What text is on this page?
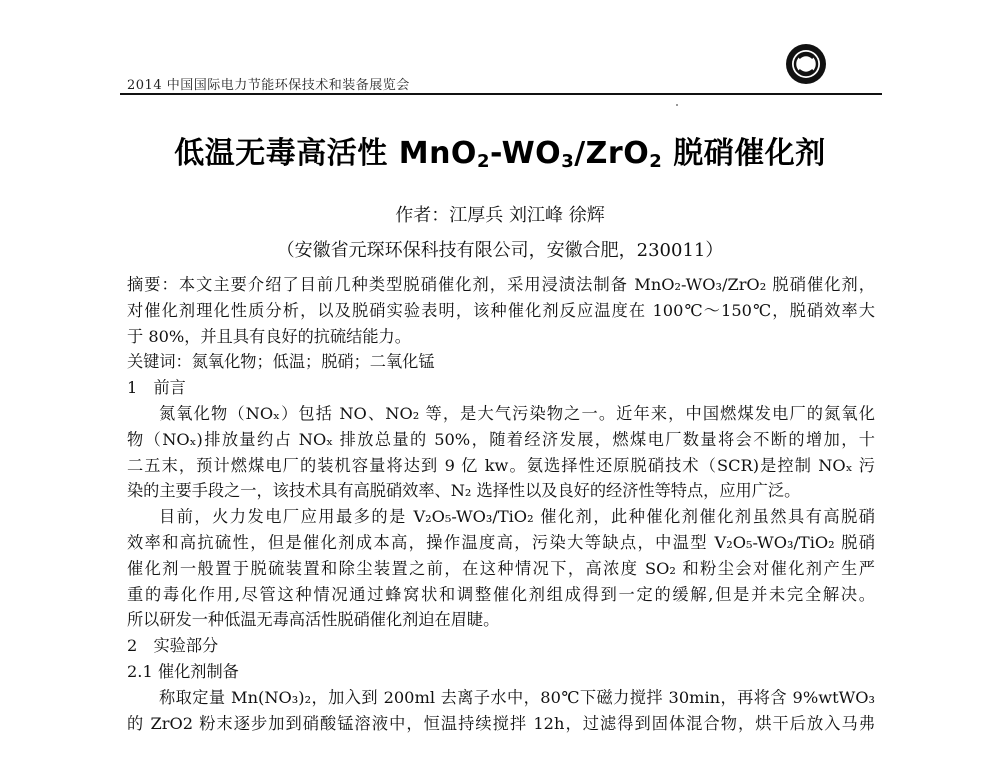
2014 中国国际电力节能环保技术和装备展览会
低温无毒高活性 $MnO_2-WO_3/ZrO_2$ 脱硝催化剂
作者：江厚兵 刘江峰 徐辉
（安徽省元琛环保科技有限公司，安徽合肥，230011）
摘要：本文主要介绍了目前几种类型脱硝催化剂，采用浸渍法制备 MnO₂-WO₃/ZrO₂ 脱硝催化剂，
对催化剂理化性质分析，以及脱硝实验表明，该种催化剂反应温度在 100℃～150℃，脱硝效率大
于 80%，并且具有良好的抗硫结能力。
关键词：氮氧化物；低温；脱硝；二氧化锰
1　前言
氮氧化物（NOₓ）包括 NO、NO₂ 等，是大气污染物之一。近年来，中国燃煤发电厂的氮氧化
物（NOₓ)排放量约占 NOₓ 排放总量的 50%，随着经济发展，燃煤电厂数量将会不断的增加，十
二五末，预计燃煤电厂的装机容量将达到 9 亿 kw。氨选择性还原脱硝技术（SCR)是控制 NOₓ 污
染的主要手段之一，该技术具有高脱硝效率、N₂ 选择性以及良好的经济性等特点，应用广泛。
目前，火力发电厂应用最多的是 V₂O₅-WO₃/TiO₂ 催化剂，此种催化剂催化剂虽然具有高脱硝
效率和高抗硫性，但是催化剂成本高，操作温度高，污染大等缺点，中温型 V₂O₅-WO₃/TiO₂ 脱硝
催化剂一般置于脱硫装置和除尘装置之前，在这种情况下，高浓度 SO₂ 和粉尘会对催化剂产生严
重的毒化作用,尽管这种情况通过蜂窝状和调整催化剂组成得到一定的缓解,但是并未完全解决。
所以研发一种低温无毒高活性脱硝催化剂迫在眉睫。
2　实验部分
2.1 催化剂制备
称取定量 Mn(NO₃)₂，加入到 200ml 去离子水中，80℃下磁力搅拌 30min，再将含 9%wtWO₃
的 ZrO2 粉末逐步加到硝酸锰溶液中，恒温持续搅拌 12h，过滤得到固体混合物，烘干后放入马弗
